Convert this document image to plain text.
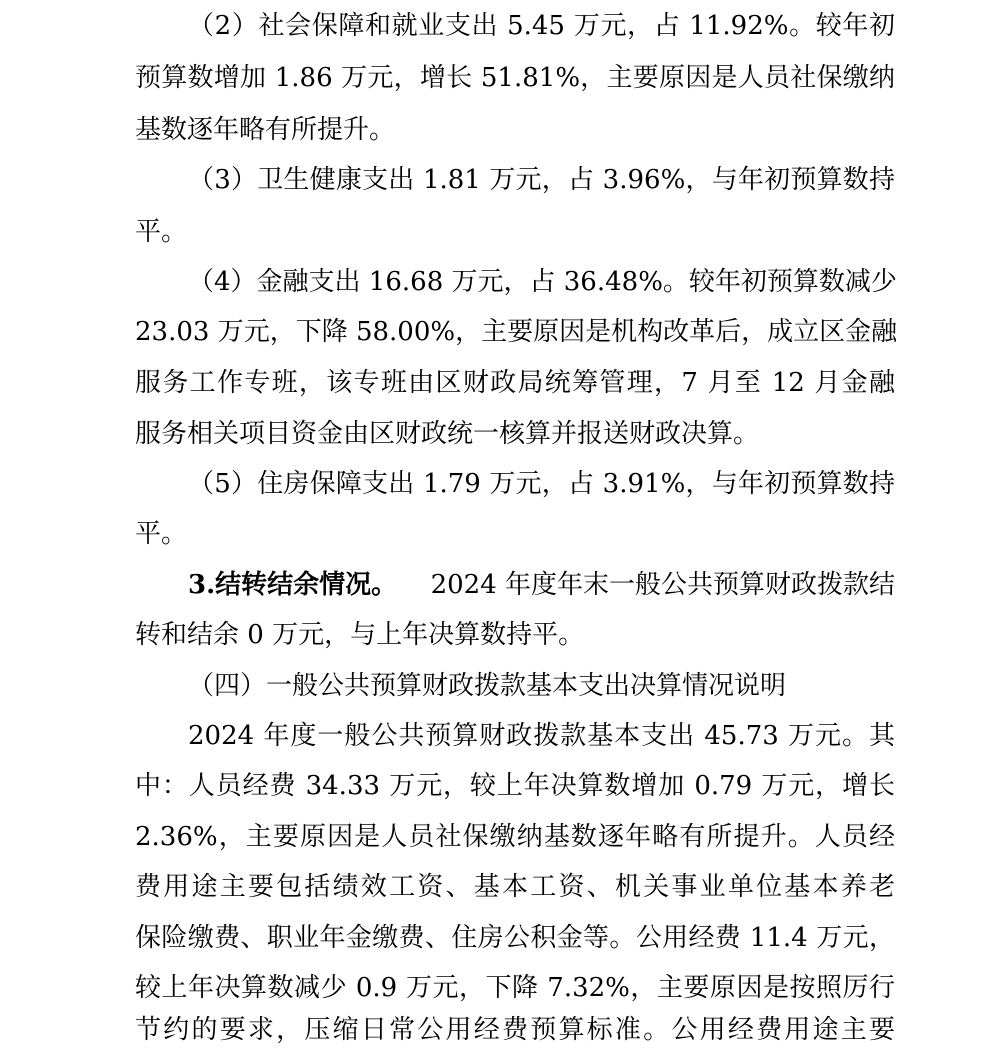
（2）社会保障和就业支出 5.45 万元，占 11.92%。较年初
预算数增加 1.86 万元，增长 51.81%，主要原因是人员社保缴纳
基数逐年略有所提升。
（3）卫生健康支出 1.81 万元，占 3.96%，与年初预算数持
平。
（4）金融支出 16.68 万元，占 36.48%。较年初预算数减少
23.03 万元，下降 58.00%，主要原因是机构改革后，成立区金融
服务工作专班，该专班由区财政局统筹管理，7 月至 12 月金融
服务相关项目资金由区财政统一核算并报送财政决算。
（5）住房保障支出 1.79 万元，占 3.91%，与年初预算数持
平。
3.结转结余情况。 2024 年度年末一般公共预算财政拨款结
转和结余 0 万元，与上年决算数持平。
（四）一般公共预算财政拨款基本支出决算情况说明
2024 年度一般公共预算财政拨款基本支出 45.73 万元。其
中：人员经费 34.33 万元，较上年决算数增加 0.79 万元，增长
2.36%，主要原因是人员社保缴纳基数逐年略有所提升。人员经
费用途主要包括绩效工资、基本工资、机关事业单位基本养老
保险缴费、职业年金缴费、住房公积金等。公用经费 11.4 万元，
较上年决算数减少 0.9 万元，下降 7.32%，主要原因是按照厉行
节约的要求，压缩日常公用经费预算标准。公用经费用途主要
